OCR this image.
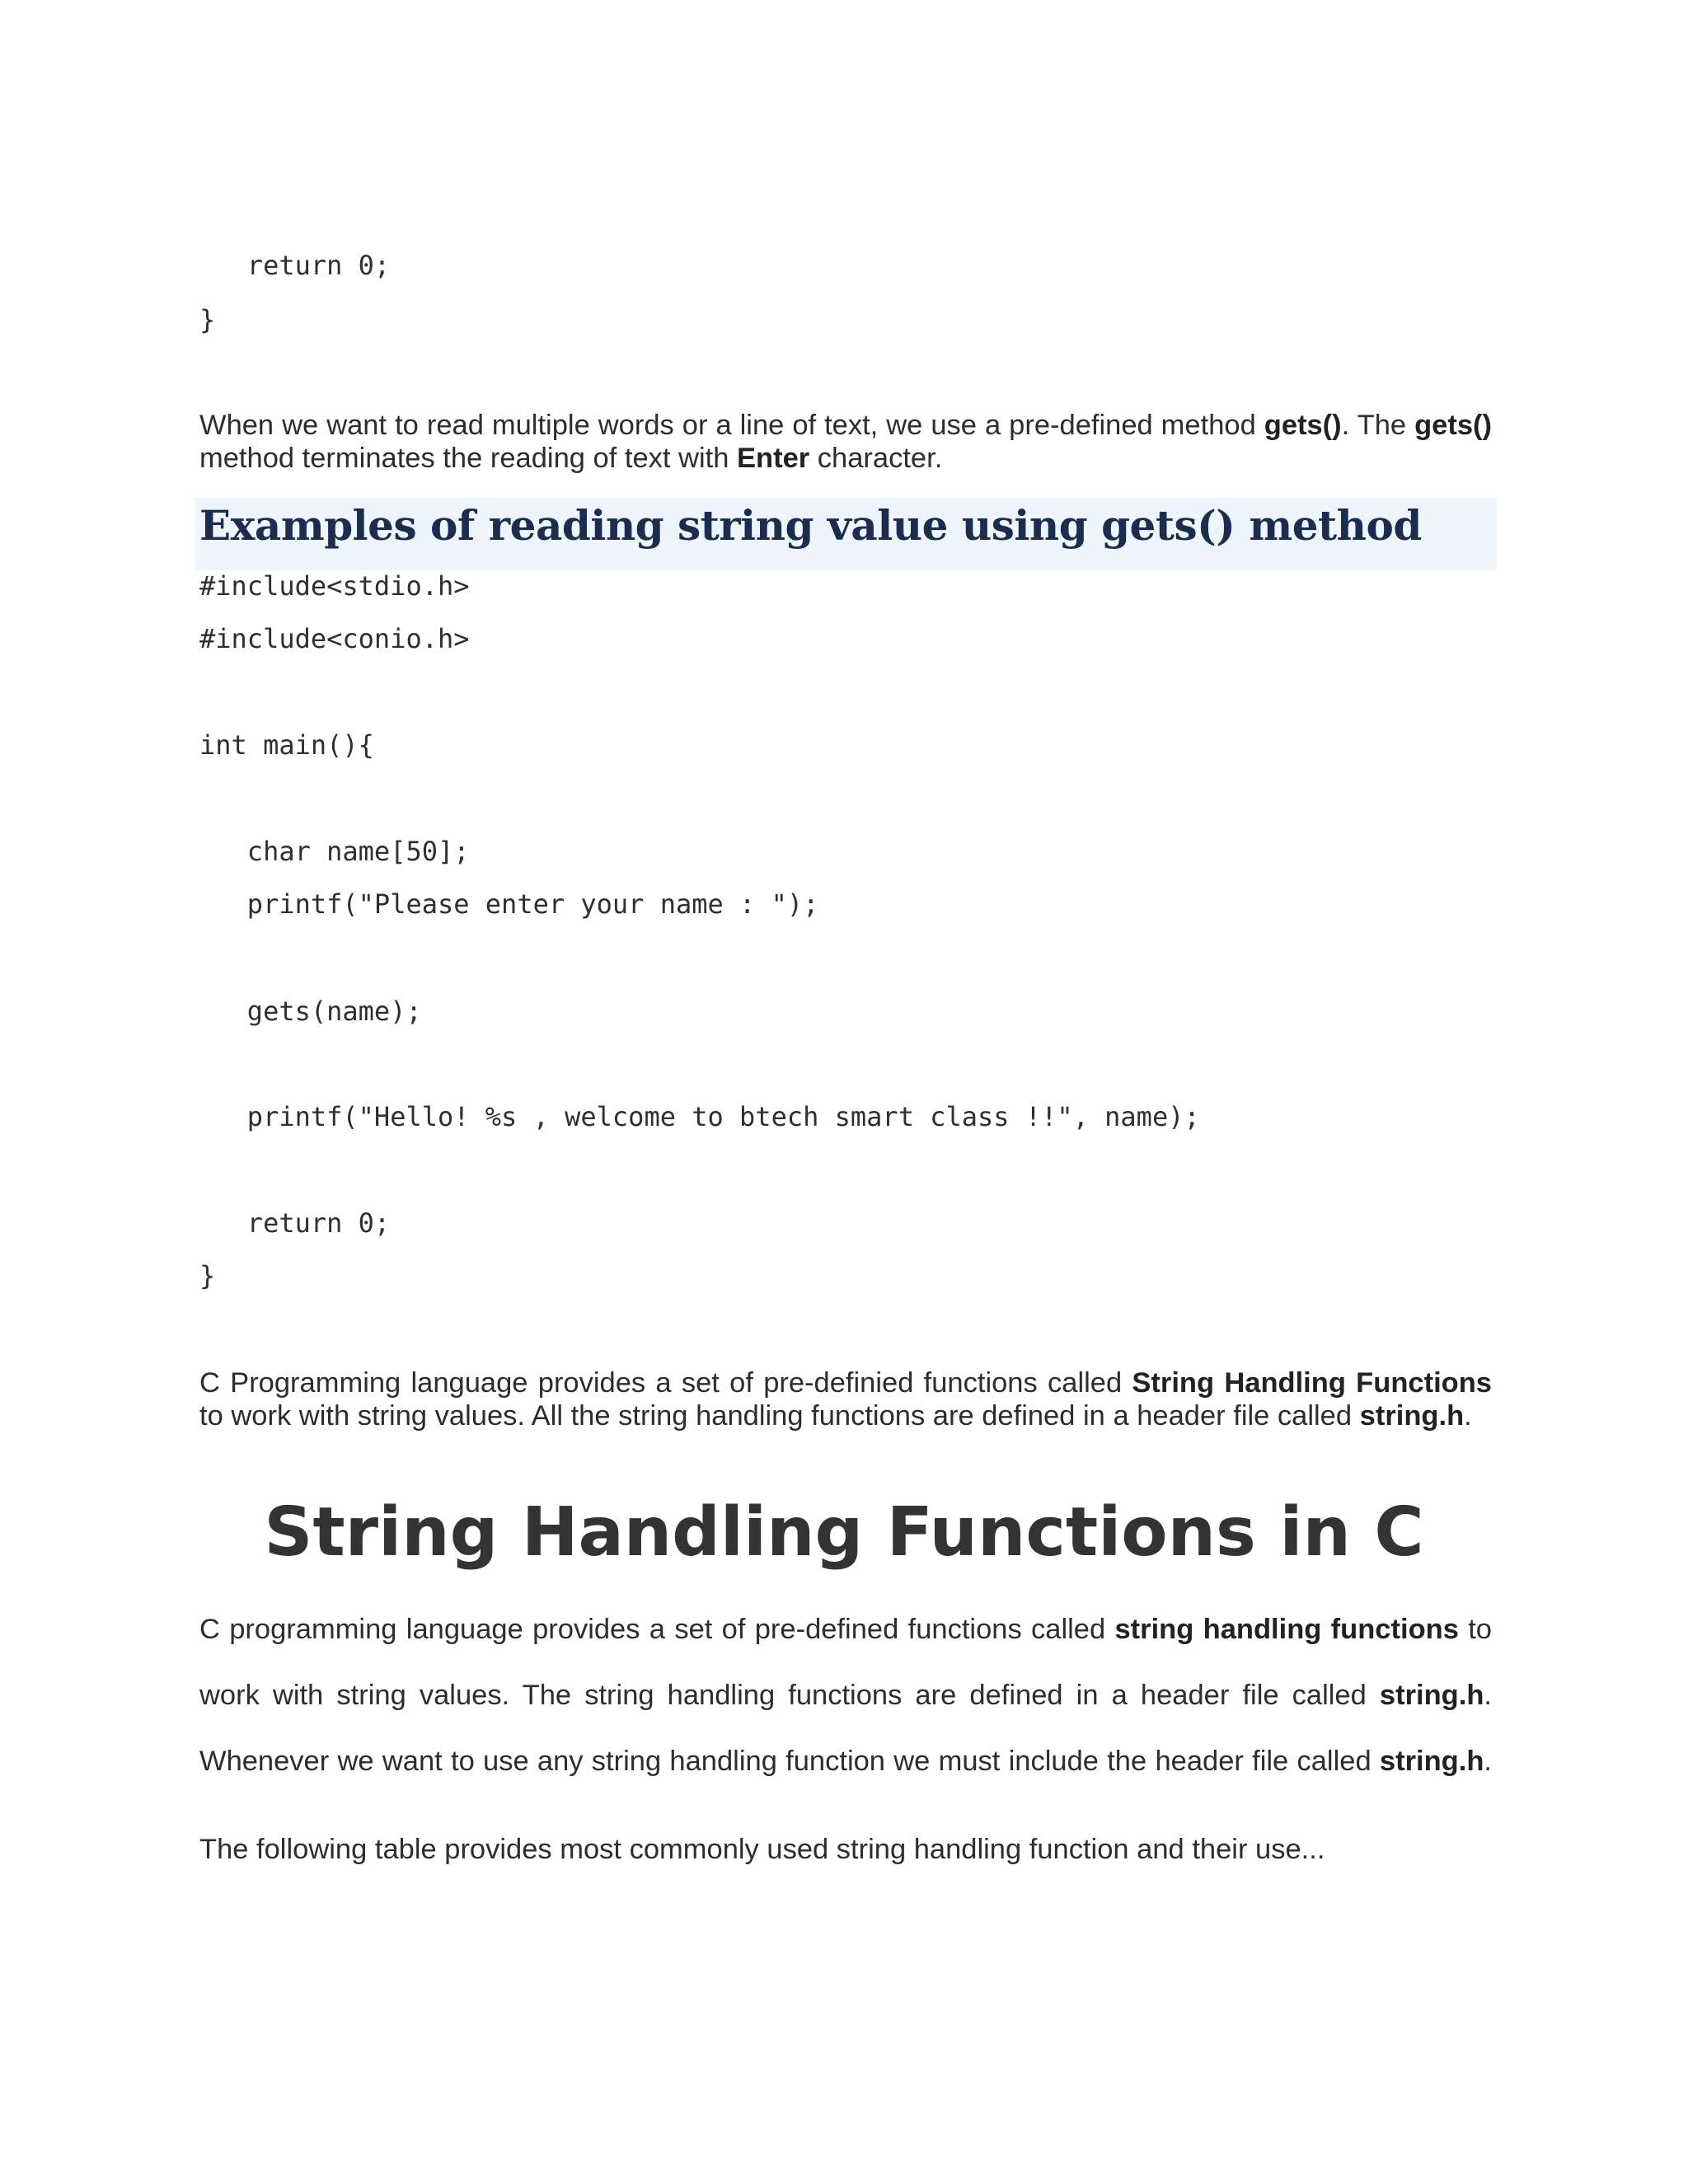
return 0;
}

When we want to read multiple words or a line of text, we use a pre-defined method gets(). The gets() method terminates the reading of text with Enter character.

Examples of reading string value using gets() method
#include<stdio.h>
#include<conio.h>
int main(){
char name[50];
printf("Please enter your name : ");
gets(name);
printf("Hello! %s , welcome to btech smart class !!", name);
return 0;
}

C Programming language provides a set of pre-definied functions called String Handling Functions to work with string values. All the string handling functions are defined in a header file called string.h.

String Handling Functions in C

C programming language provides a set of pre-defined functions called string handling functions to

work with string values. The string handling functions are defined in a header file called string.h.

Whenever we want to use any string handling function we must include the header file called string.h.

The following table provides most commonly used string handling function and their use...
